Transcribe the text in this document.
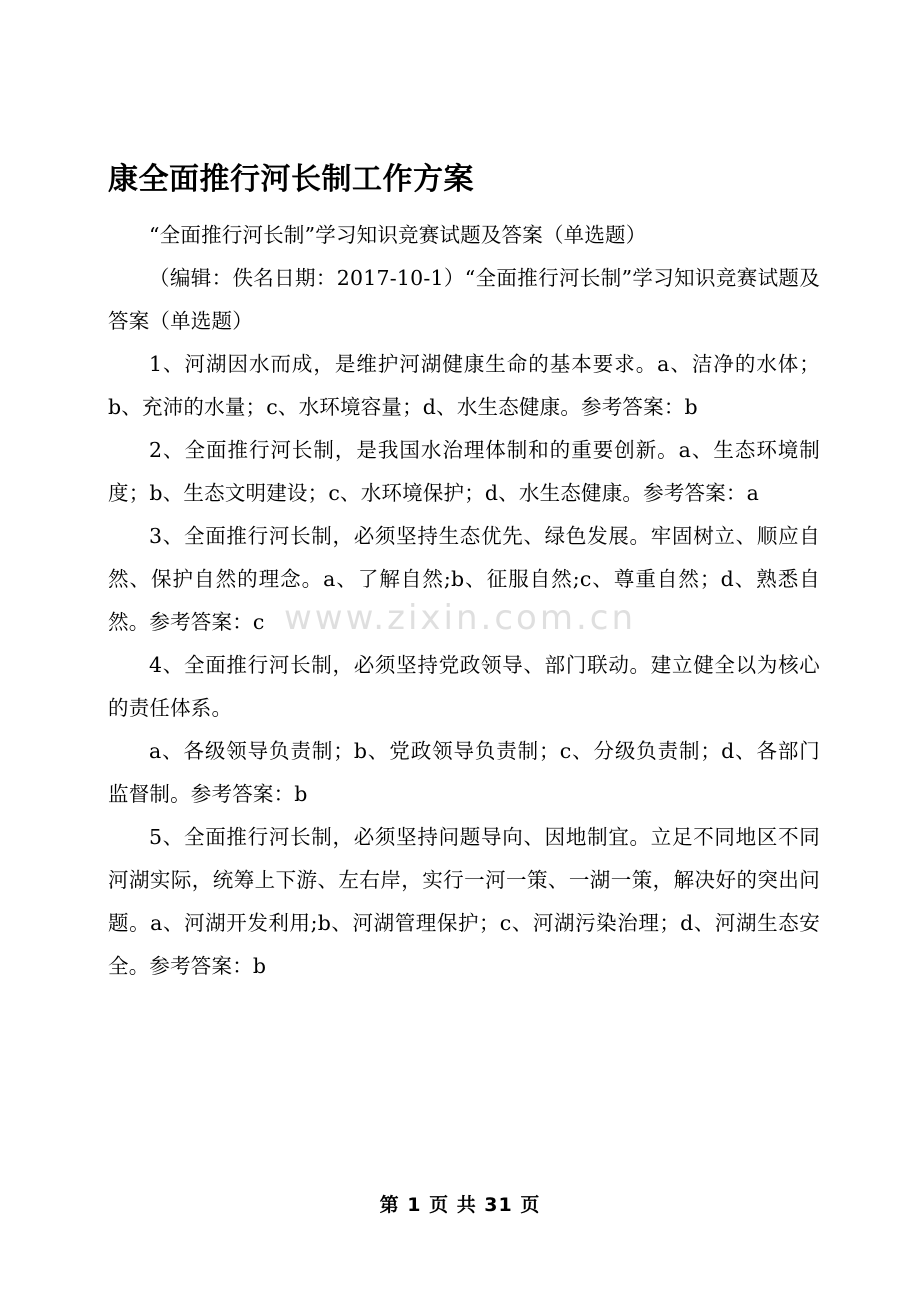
康全面推行河长制工作方案

“全面推行河长制”学习知识竞赛试题及答案（单选题）

（编辑：佚名日期：2017-10-1）“全面推行河长制”学习知识竞赛试题及答案（单选题）

1、河湖因水而成，是维护河湖健康生命的基本要求。a、洁净的水体；b、充沛的水量；c、水环境容量；d、水生态健康。参考答案：b

2、全面推行河长制，是我国水治理体制和的重要创新。a、生态环境制度；b、生态文明建设；c、水环境保护；d、水生态健康。参考答案：a

3、全面推行河长制，必须坚持生态优先、绿色发展。牢固树立、顺应自然、保护自然的理念。a、了解自然;b、征服自然;c、尊重自然；d、熟悉自然。参考答案：c

4、全面推行河长制，必须坚持党政领导、部门联动。建立健全以为核心的责任体系。

a、各级领导负责制；b、党政领导负责制；c、分级负责制；d、各部门监督制。参考答案：b

5、全面推行河长制，必须坚持问题导向、因地制宜。立足不同地区不同河湖实际，统筹上下游、左右岸，实行一河一策、一湖一策，解决好的突出问题。a、河湖开发利用;b、河湖管理保护；c、河湖污染治理；d、河湖生态安全。参考答案：b

www.zixin.com.cn
第 1 页 共 31 页
